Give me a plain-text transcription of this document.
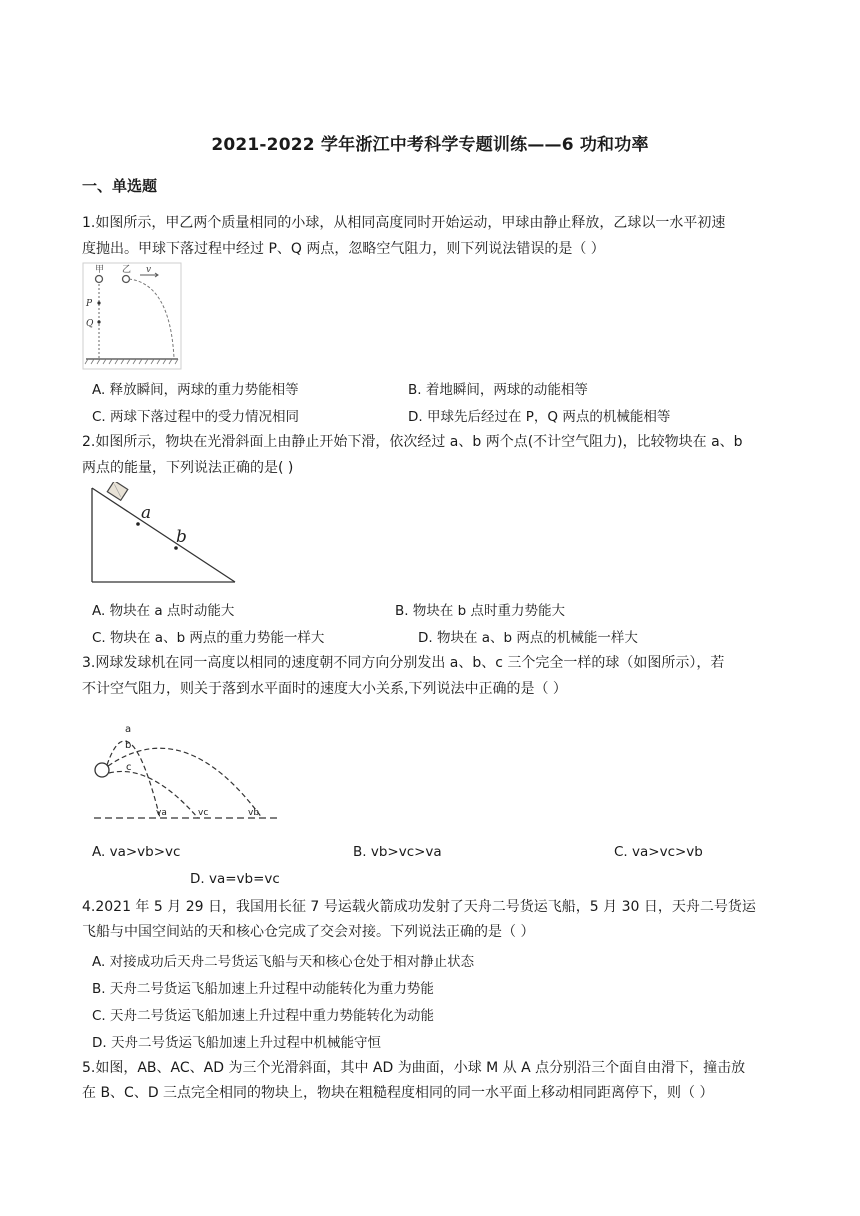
2021-2022 学年浙江中考科学专题训练——6 功和功率
一、单选题
1.如图所示，甲乙两个质量相同的小球，从相同高度同时开始运动，甲球由静止释放，乙球以一水平初速
度抛出。甲球下落过程中经过 P、Q 两点，忽略空气阻力，则下列说法错误的是（ ）
甲 乙 v
P
Q
A. 释放瞬间，两球的重力势能相等	B. 着地瞬间，两球的动能相等
C. 两球下落过程中的受力情况相同	D. 甲球先后经过在 P，Q 两点的机械能相等
2.如图所示，物块在光滑斜面上由静止开始下滑，依次经过 a、b 两个点(不计空气阻力)，比较物块在 a、b
两点的能量，下列说法正确的是( )
a
b
A. 物块在 a 点时动能大	B. 物块在 b 点时重力势能大
C. 物块在 a、b 两点的重力势能一样大	D. 物块在 a、b 两点的机械能一样大
3.网球发球机在同一高度以相同的速度朝不同方向分别发出 a、b、c 三个完全一样的球（如图所示），若
不计空气阻力，则关于落到水平面时的速度大小关系,下列说法中正确的是（ ）
a
b
c
va	vc	vb
A. va>vb>vc	B. vb>vc>va	C. va>vc>vb
D. va=vb=vc
4.2021 年 5 月 29 日，我国用长征 7 号运载火箭成功发射了天舟二号货运飞船，5 月 30 日，天舟二号货运
飞船与中国空间站的天和核心仓完成了交会对接。下列说法正确的是（ ）
A. 对接成功后天舟二号货运飞船与天和核心仓处于相对静止状态
B. 天舟二号货运飞船加速上升过程中动能转化为重力势能
C. 天舟二号货运飞船加速上升过程中重力势能转化为动能
D. 天舟二号货运飞船加速上升过程中机械能守恒
5.如图，AB、AC、AD 为三个光滑斜面，其中 AD 为曲面，小球 M 从 A 点分别沿三个面自由滑下，撞击放
在 B、C、D 三点完全相同的物块上，物块在粗糙程度相同的同一水平面上移动相同距离停下，则（ ）
